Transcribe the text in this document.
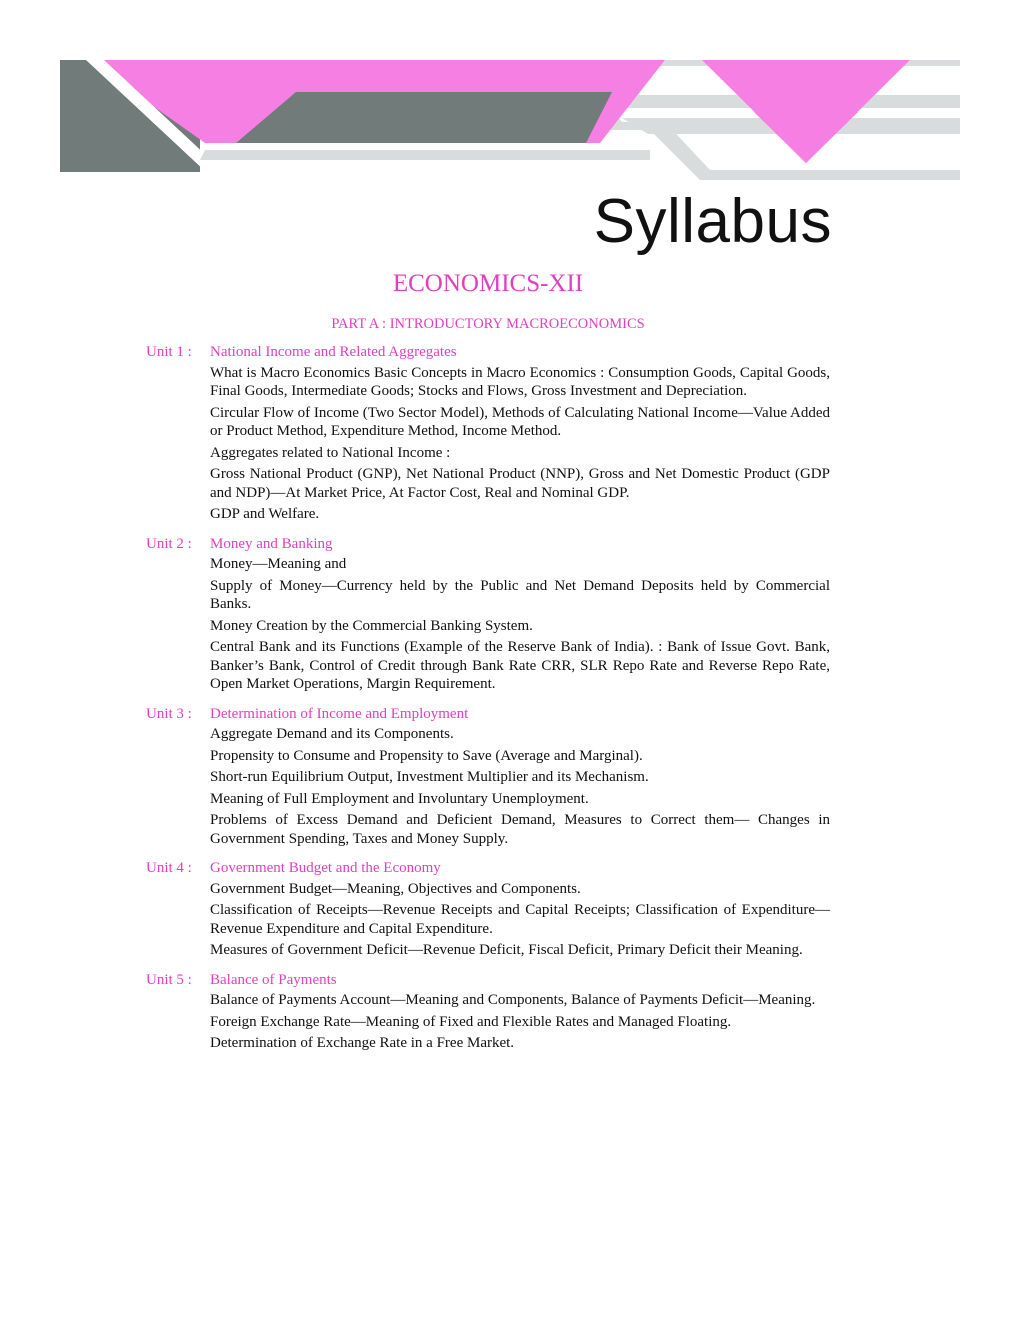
Syllabus
ECONOMICS-XII
PART A : INTRODUCTORY MACROECONOMICS
Unit 1 :	National Income and Related Aggregates
What is Macro Economics Basic Concepts in Macro Economics : Consumption Goods, Capital Goods, Final Goods, Intermediate Goods; Stocks and Flows, Gross Investment and Depreciation.
Circular Flow of Income (Two Sector Model), Methods of Calculating National Income—Value Added or Product Method, Expenditure Method, Income Method.
Aggregates related to National Income :
Gross National Product (GNP), Net National Product (NNP), Gross and Net Domestic Product (GDP and NDP)—At Market Price, At Factor Cost, Real and Nominal GDP.
GDP and Welfare.
Unit 2 :	Money and Banking
Money—Meaning and
Supply of Money—Currency held by the Public and Net Demand Deposits held by Commercial Banks.
Money Creation by the Commercial Banking System.
Central Bank and its Functions (Example of the Reserve Bank of India). : Bank of Issue Govt. Bank, Banker’s Bank, Control of Credit through Bank Rate CRR, SLR Repo Rate and Reverse Repo Rate, Open Market Operations, Margin Requirement.
Unit 3 :	Determination of Income and Employment
Aggregate Demand and its Components.
Propensity to Consume and Propensity to Save (Average and Marginal).
Short-run Equilibrium Output, Investment Multiplier and its Mechanism.
Meaning of Full Employment and Involuntary Unemployment.
Problems of Excess Demand and Deficient Demand, Measures to Correct them— Changes in Government Spending, Taxes and Money Supply.
Unit 4 :	Government Budget and the Economy
Government Budget—Meaning, Objectives and Components.
Classification of Receipts—Revenue Receipts and Capital Receipts; Classification of Expenditure— Revenue Expenditure and Capital Expenditure.
Measures of Government Deficit—Revenue Deficit, Fiscal Deficit, Primary Deficit their Meaning.
Unit 5 :	Balance of Payments
Balance of Payments Account—Meaning and Components, Balance of Payments Deficit—Meaning.
Foreign Exchange Rate—Meaning of Fixed and Flexible Rates and Managed Floating.
Determination of Exchange Rate in a Free Market.
